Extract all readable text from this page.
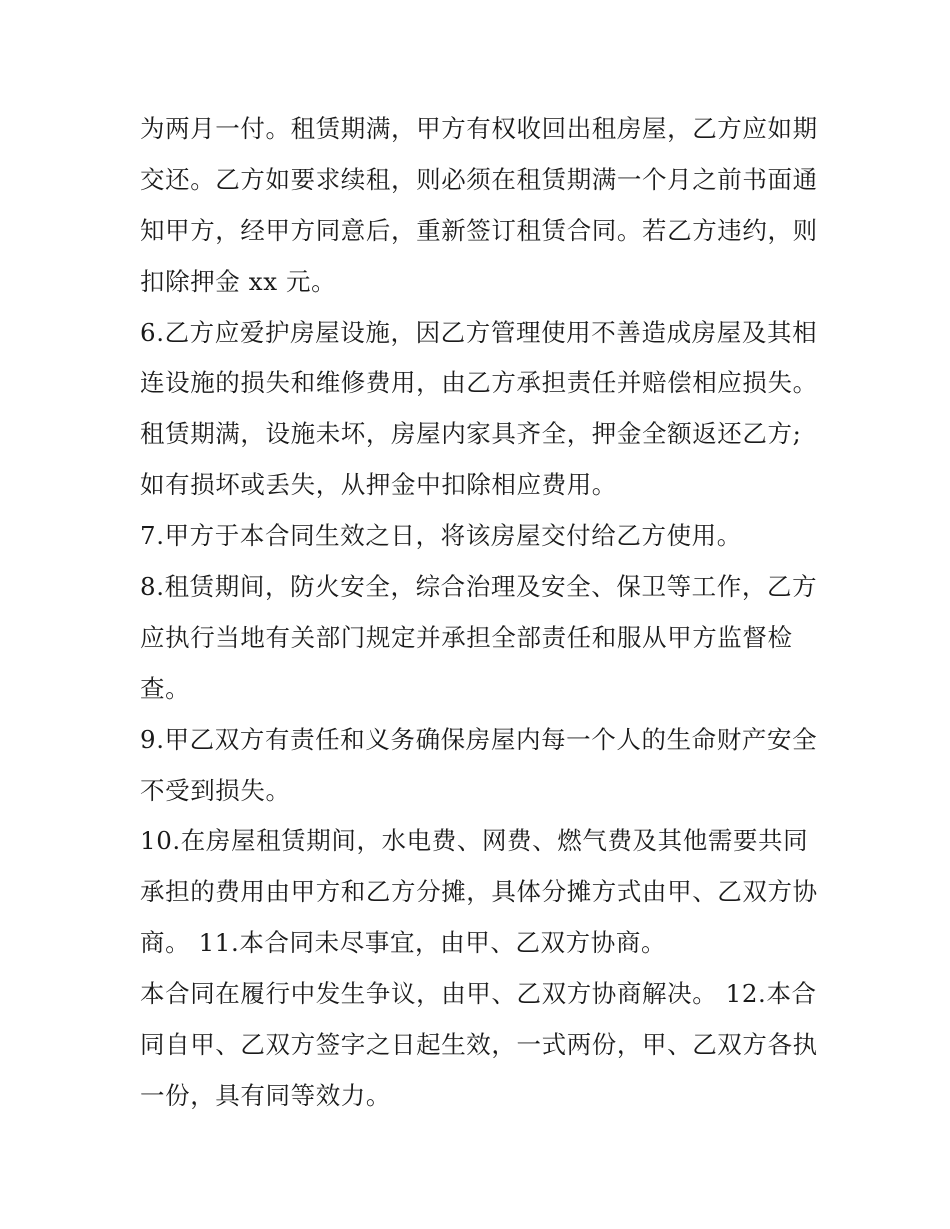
为两月一付。租赁期满，甲方有权收回出租房屋，乙方应如期
交还。乙方如要求续租，则必须在租赁期满一个月之前书面通
知甲方，经甲方同意后，重新签订租赁合同。若乙方违约，则
扣除押金 xx 元。
6.乙方应爱护房屋设施，因乙方管理使用不善造成房屋及其相
连设施的损失和维修费用，由乙方承担责任并赔偿相应损失。
租赁期满，设施未坏，房屋内家具齐全，押金全额返还乙方;
如有损坏或丢失，从押金中扣除相应费用。
7.甲方于本合同生效之日，将该房屋交付给乙方使用。
8.租赁期间，防火安全，综合治理及安全、保卫等工作，乙方
应执行当地有关部门规定并承担全部责任和服从甲方监督检
查。
9.甲乙双方有责任和义务确保房屋内每一个人的生命财产安全
不受到损失。
10.在房屋租赁期间，水电费、网费、燃气费及其他需要共同
承担的费用由甲方和乙方分摊，具体分摊方式由甲、乙双方协
商。 11.本合同未尽事宜，由甲、乙双方协商。
本合同在履行中发生争议，由甲、乙双方协商解决。 12.本合
同自甲、乙双方签字之日起生效，一式两份，甲、乙双方各执
一份，具有同等效力。
